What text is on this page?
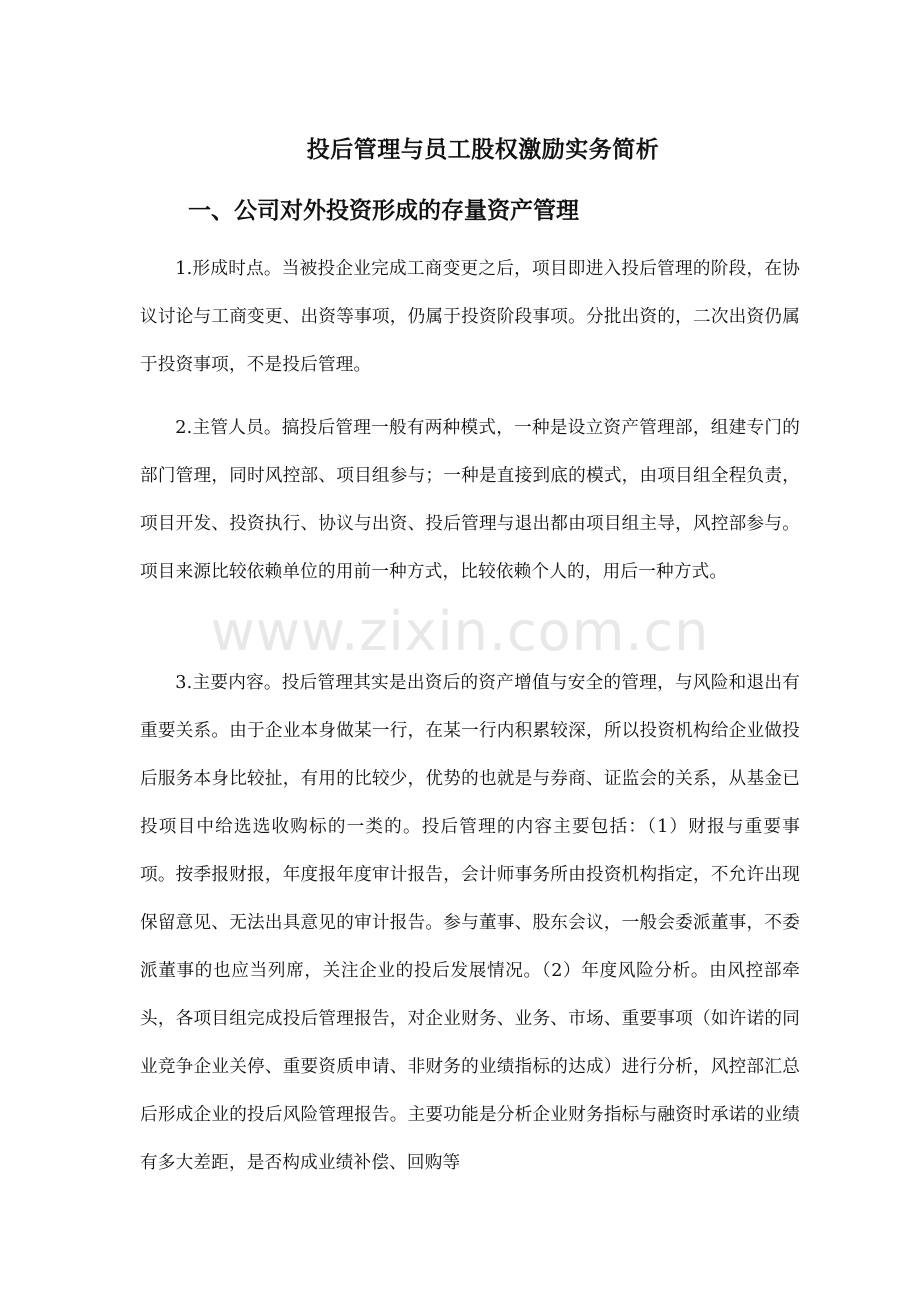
投后管理与员工股权激励实务简析
一、公司对外投资形成的存量资产管理

1.形成时点。当被投企业完成工商变更之后，项目即进入投后管理的阶段，在协议讨论与工商变更、出资等事项，仍属于投资阶段事项。分批出资的，二次出资仍属于投资事项，不是投后管理。

2.主管人员。搞投后管理一般有两种模式，一种是设立资产管理部，组建专门的部门管理，同时风控部、项目组参与；一种是直接到底的模式，由项目组全程负责，项目开发、投资执行、协议与出资、投后管理与退出都由项目组主导，风控部参与。项目来源比较依赖单位的用前一种方式，比较依赖个人的，用后一种方式。

3.主要内容。投后管理其实是出资后的资产增值与安全的管理，与风险和退出有重要关系。由于企业本身做某一行，在某一行内积累较深，所以投资机构给企业做投后服务本身比较扯，有用的比较少，优势的也就是与券商、证监会的关系，从基金已投项目中给选选收购标的一类的。投后管理的内容主要包括：（1）财报与重要事项。按季报财报，年度报年度审计报告，会计师事务所由投资机构指定，不允许出现保留意见、无法出具意见的审计报告。参与董事、股东会议，一般会委派董事，不委派董事的也应当列席，关注企业的投后发展情况。（2）年度风险分析。由风控部牵头，各项目组完成投后管理报告，对企业财务、业务、市场、重要事项（如许诺的同业竞争企业关停、重要资质申请、非财务的业绩指标的达成）进行分析，风控部汇总后形成企业的投后风险管理报告。主要功能是分析企业财务指标与融资时承诺的业绩有多大差距，是否构成业绩补偿、回购等

www.zixin.com.cn
